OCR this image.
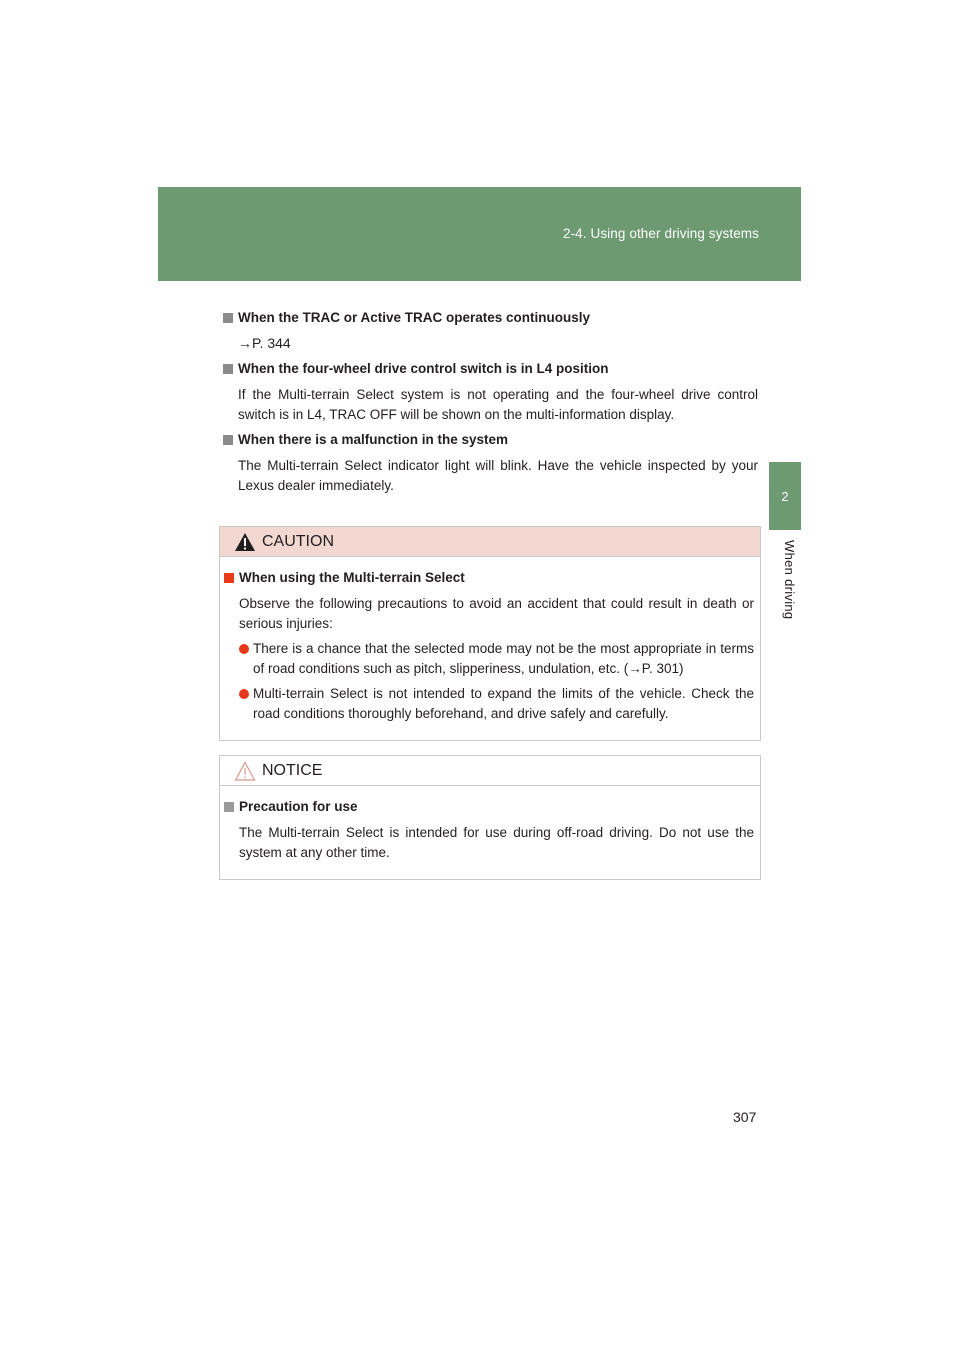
2-4. Using other driving systems
2
When driving
When the TRAC or Active TRAC operates continuously
→P. 344
When the four-wheel drive control switch is in L4 position
If the Multi-terrain Select system is not operating and the four-wheel drive control switch is in L4, TRAC OFF will be shown on the multi-information display.
When there is a malfunction in the system
The Multi-terrain Select indicator light will blink. Have the vehicle inspected by your Lexus dealer immediately.
CAUTION
When using the Multi-terrain Select
Observe the following precautions to avoid an accident that could result in death or serious injuries:
There is a chance that the selected mode may not be the most appropriate in terms of road conditions such as pitch, slipperiness, undulation, etc. (→P. 301)
Multi-terrain Select is not intended to expand the limits of the vehicle. Check the road conditions thoroughly beforehand, and drive safely and carefully.
NOTICE
Precaution for use
The Multi-terrain Select is intended for use during off-road driving. Do not use the system at any other time.
307
